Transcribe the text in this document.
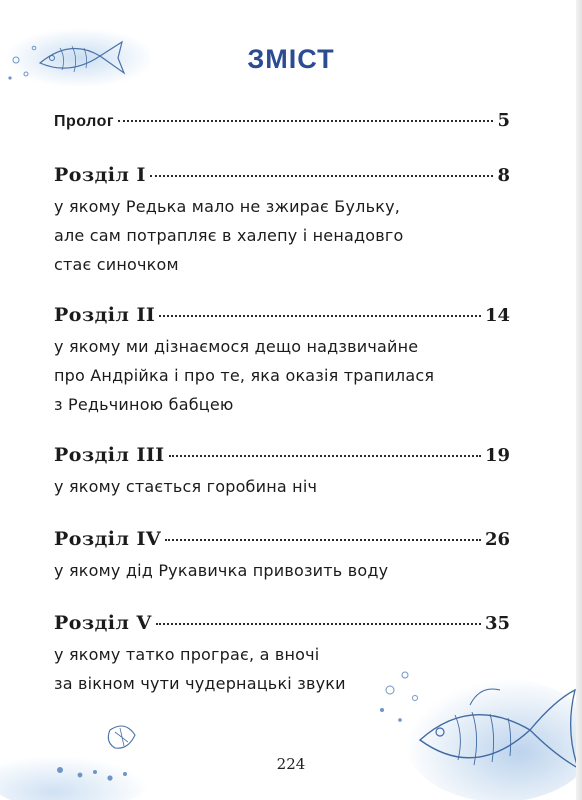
ЗМІСТ
Пролог	5
Розділ I	8
у якому Редька мало не зжирає Бульку,
але сам потрапляє в халепу і ненадовго
стає синочком
Розділ II	14
у якому ми дізнаємося дещо надзвичайне
про Андрійка і про те, яка оказія трапилася
з Редьчиною бабцею
Розділ III	19
у якому стається горобина ніч
Розділ IV	26
у якому дід Рукавичка привозить воду
Розділ V	35
у якому татко програє, а вночі
за вікном чути чудернацькі звуки
224
